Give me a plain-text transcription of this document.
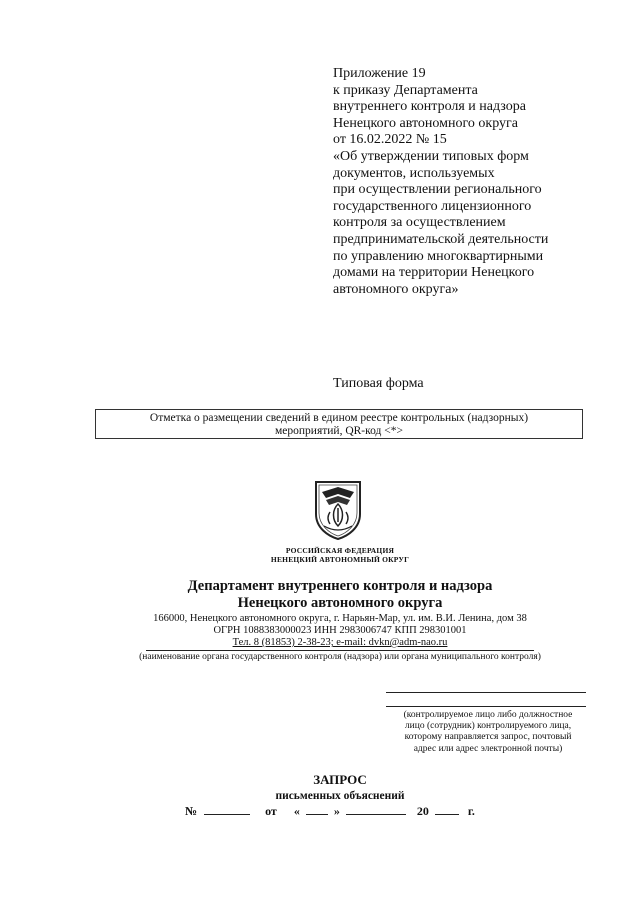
Приложение 19
к приказу Департамента
внутреннего контроля и надзора
Ненецкого автономного округа
от 16.02.2022 № 15
«Об утверждении типовых форм
документов, используемых
при осуществлении регионального
государственного лицензионного
контроля за осуществлением
предпринимательской деятельности
по управлению многоквартирными
домами на территории Ненецкого
автономного округа»
Типовая форма
Отметка о размещении сведений в едином реестре контрольных (надзорных)
мероприятий, QR-код <*>
РОССИЙСКАЯ ФЕДЕРАЦИЯ
НЕНЕЦКИЙ АВТОНОМНЫЙ ОКРУГ
Департамент внутреннего контроля и надзора
Ненецкого автономного округа
166000, Ненецкого автономного округа, г. Нарьян-Мар, ул. им. В.И. Ленина, дом 38
ОГРН 1088383000023 ИНН 2983006747 КПП 298301001
Тел. 8 (81853) 2-38-23; e-mail: dvkn@adm-nao.ru
(наименование органа государственного контроля (надзора) или органа муниципального контроля)
(контролируемое лицо либо должностное
лицо (сотрудник) контролируемого лица,
которому направляется запрос, почтовый
адрес или адрес электронной почты)
ЗАПРОС
письменных объяснений
№	от «	»	20	г.
